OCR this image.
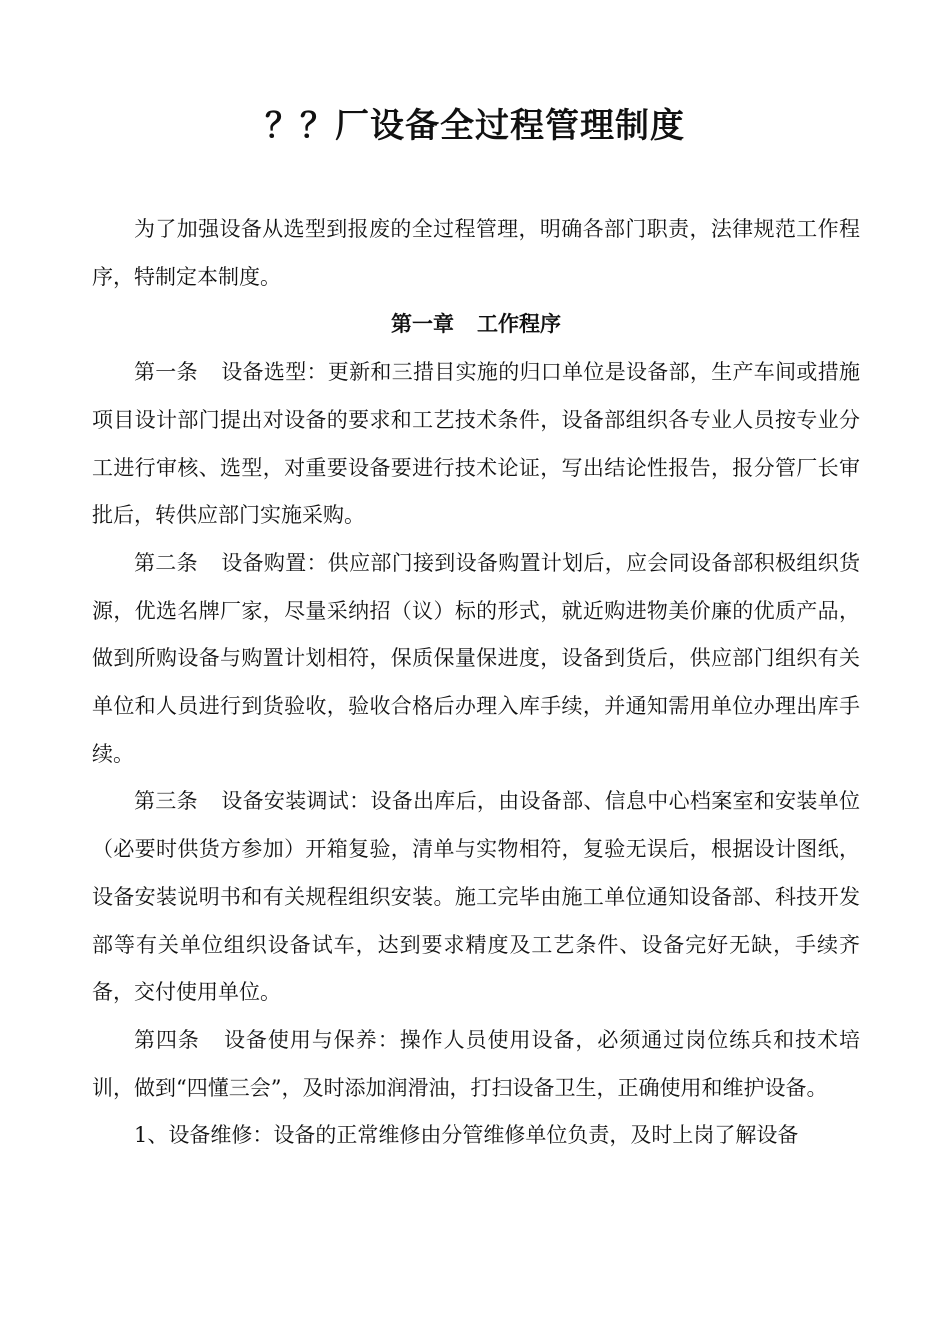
？？厂设备全过程管理制度

为了加强设备从选型到报废的全过程管理，明确各部门职责，法律规范工作程序，特制定本制度。

第一章 工作程序

第一条 设备选型：更新和三措目实施的归口单位是设备部，生产车间或措施项目设计部门提出对设备的要求和工艺技术条件，设备部组织各专业人员按专业分工进行审核、选型，对重要设备要进行技术论证，写出结论性报告，报分管厂长审批后，转供应部门实施采购。

第二条 设备购置：供应部门接到设备购置计划后，应会同设备部积极组织货源，优选名牌厂家，尽量采纳招（议）标的形式，就近购进物美价廉的优质产品，做到所购设备与购置计划相符，保质保量保进度，设备到货后，供应部门组织有关单位和人员进行到货验收，验收合格后办理入库手续，并通知需用单位办理出库手续。

第三条 设备安装调试：设备出库后，由设备部、信息中心档案室和安装单位（必要时供货方参加）开箱复验，清单与实物相符，复验无误后，根据设计图纸，设备安装说明书和有关规程组织安装。施工完毕由施工单位通知设备部、科技开发部等有关单位组织设备试车，达到要求精度及工艺条件、设备完好无缺，手续齐备，交付使用单位。

第四条 设备使用与保养：操作人员使用设备，必须通过岗位练兵和技术培训，做到“四懂三会”，及时添加润滑油，打扫设备卫生，正确使用和维护设备。

1、设备维修：设备的正常维修由分管维修单位负责，及时上岗了解设备
